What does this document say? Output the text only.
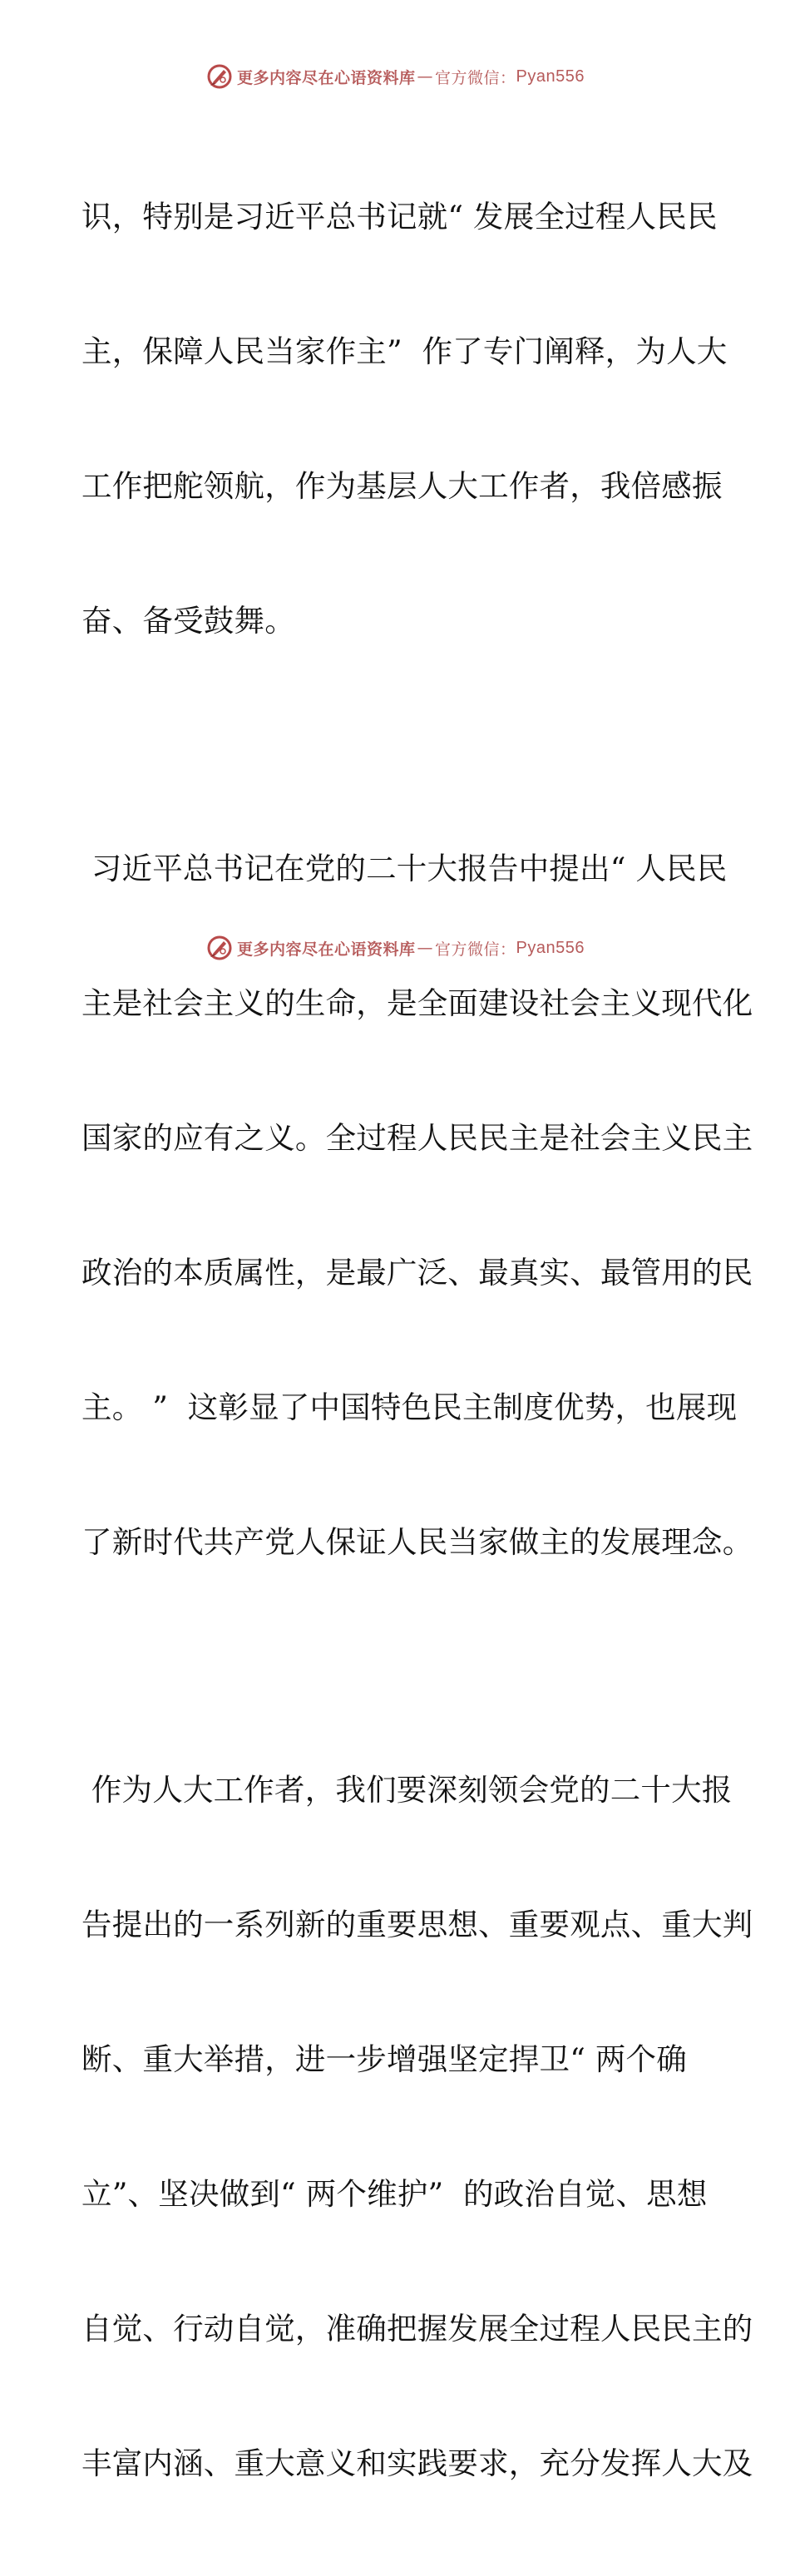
更多内容尽在心语资料库 — 官方微信： Pyan556

识，特别是习近平总书记就“ 发展全过程人民民

主，保障人民当家作主”  作了专门阐释，为人大

工作把舵领航，作为基层人大工作者，我倍感振

奋、备受鼓舞。

习近平总书记在党的二十大报告中提出“ 人民民

主是社会主义的生命，是全面建设社会主义现代化

国家的应有之义。全过程人民民主是社会主义民主

政治的本质属性，是最广泛、最真实、最管用的民

主。 ”  这彰显了中国特色民主制度优势，也展现

了新时代共产党人保证人民当家做主的发展理念。

作为人大工作者，我们要深刻领会党的二十大报

告提出的一系列新的重要思想、重要观点、重大判

断、重大举措，进一步增强坚定捍卫“ 两个确

立”、坚决做到“ 两个维护”  的政治自觉、思想

自觉、行动自觉，准确把握发展全过程人民民主的

丰富内涵、重大意义和实践要求，充分发挥人大及

更多内容尽在心语资料库 — 官方微信： Pyan556
